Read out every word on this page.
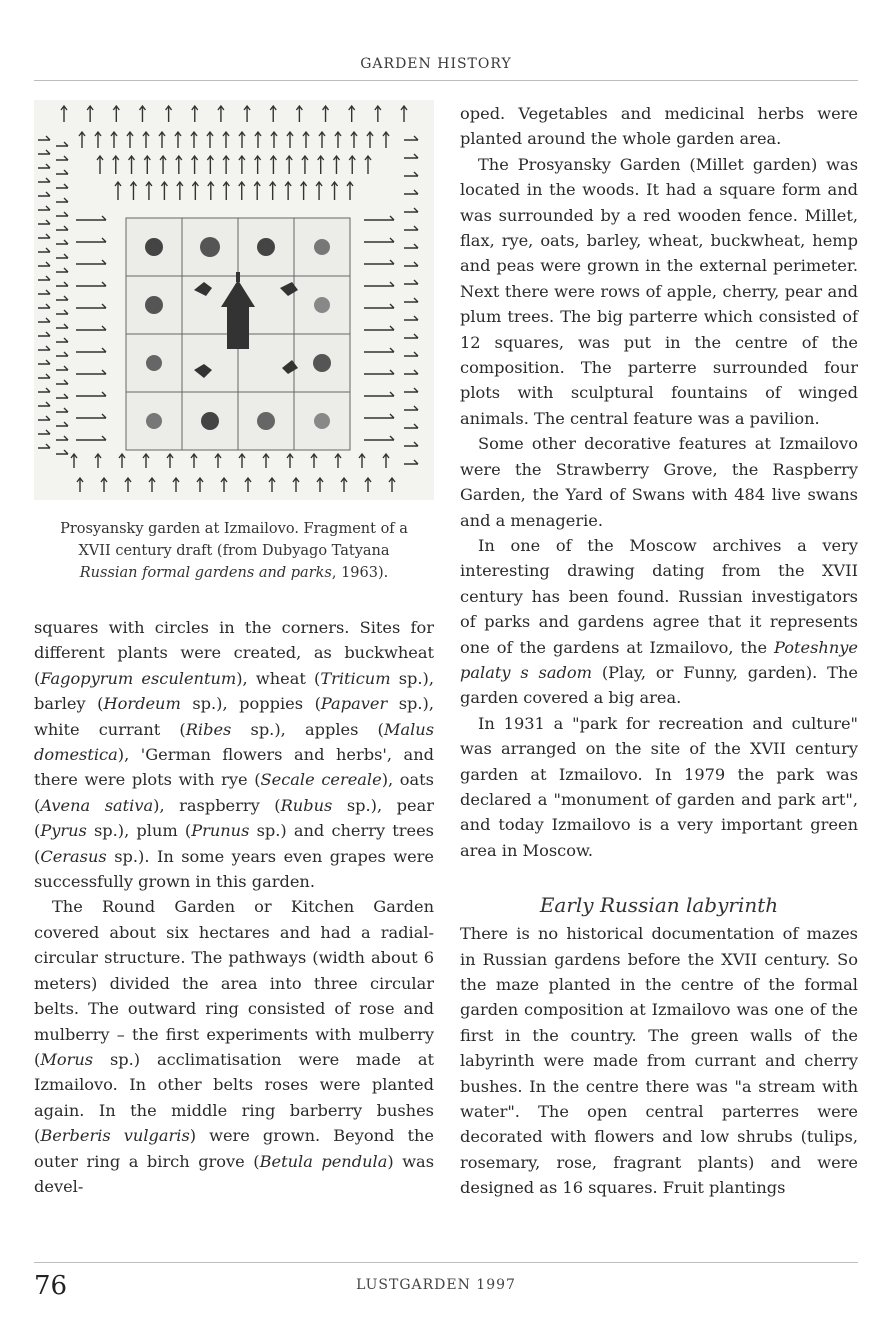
GARDEN HISTORY
Prosyansky garden at Izmailovo. Fragment of a
XVII century draft (from Dubyago Tatyana
Russian formal gardens and parks, 1963).

squares with circles in the corners. Sites for different plants were created, as buckwheat (Fagopyrum esculentum), wheat (Triticum sp.), barley (Hordeum sp.), poppies (Papaver sp.), white currant (Ribes sp.), apples (Malus domestica), 'German flowers and herbs', and there were plots with rye (Secale cereale), oats (Avena sativa), raspberry (Rubus sp.), pear (Pyrus sp.), plum (Prunus sp.) and cherry trees (Cerasus sp.). In some years even grapes were successfully grown in this garden.

The Round Garden or Kitchen Garden covered about six hectares and had a radial-circular structure. The pathways (width about 6 meters) divided the area into three circular belts. The outward ring consisted of rose and mulberry – the first experiments with mulberry (Morus sp.) acclimatisation were made at Izmailovo. In other belts roses were planted again. In the middle ring barberry bushes (Berberis vulgaris) were grown. Beyond the outer ring a birch grove (Betula pendula) was devel-

oped. Vegetables and medicinal herbs were planted around the whole garden area.

The Prosyansky Garden (Millet garden) was located in the woods. It had a square form and was surrounded by a red wooden fence. Millet, flax, rye, oats, barley, wheat, buckwheat, hemp and peas were grown in the external perimeter. Next there were rows of apple, cherry, pear and plum trees. The big parterre which consisted of 12 squares, was put in the centre of the composition. The parterre surrounded four plots with sculptural fountains of winged animals. The central feature was a pavilion.

Some other decorative features at Izmailovo were the Strawberry Grove, the Raspberry Garden, the Yard of Swans with 484 live swans and a menagerie.

In one of the Moscow archives a very interesting drawing dating from the XVII century has been found. Russian investigators of parks and gardens agree that it represents one of the gardens at Izmailovo, the Poteshnye palaty s sadom (Play, or Funny, garden). The garden covered a big area.

In 1931 a "park for recreation and culture" was arranged on the site of the XVII century garden at Izmailovo. In 1979 the park was declared a "monument of garden and park art", and today Izmailovo is a very important green area in Moscow.

Early Russian labyrinth

There is no historical documentation of mazes in Russian gardens before the XVII century. So the maze planted in the centre of the formal garden composition at Izmailovo was one of the first in the country. The green walls of the labyrinth were made from currant and cherry bushes. In the centre there was "a stream with water". The open central parterres were decorated with flowers and low shrubs (tulips, rosemary, rose, fragrant plants) and were designed as 16 squares. Fruit plantings

76	LUSTGARDEN 1997
